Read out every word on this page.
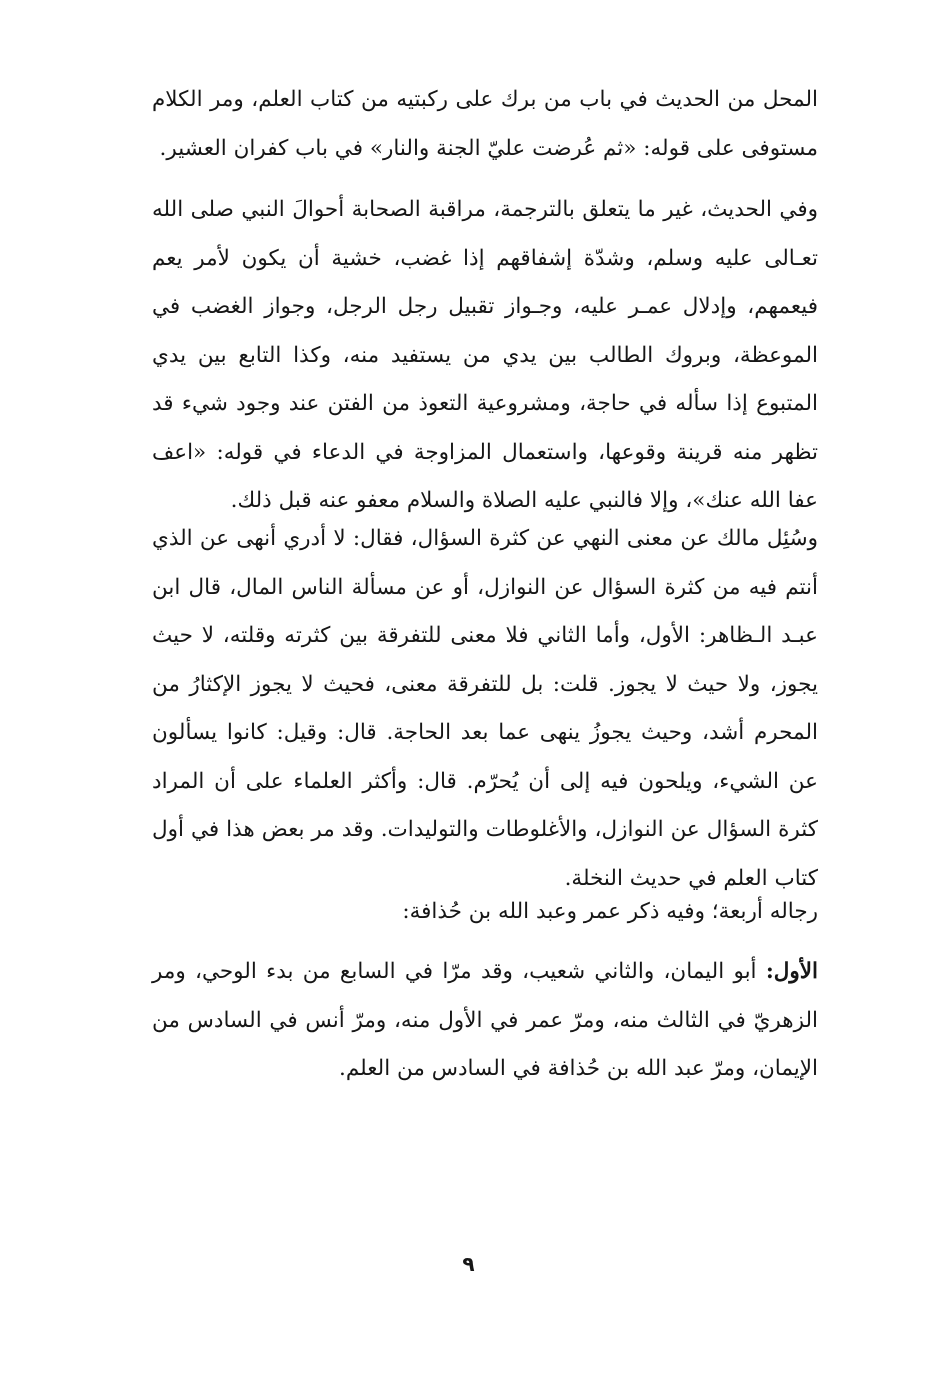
المحل من الحديث في باب من برك على ركبتيه من كتاب العلم، ومر الكلام مستوفى على قوله: «ثم عُرضت عليّ الجنة والنار» في باب كفران العشير.

وفي الحديث، غير ما يتعلق بالترجمة، مراقبة الصحابة أحوالَ النبي صلى الله تعـالى عليه وسلم، وشدّة إشفاقهم إذا غضب، خشية أن يكون لأمر يعم فيعمهم، وإدلال عمـر عليه، وجـواز تقبيل رجل الرجل، وجواز الغضب في الموعظة، وبروك الطالب بين يدي من يستفيد منه، وكذا التابع بين يدي المتبوع إذا سأله في حاجة، ومشروعية التعوذ من الفتن عند وجود شيء قد تظهر منه قرينة وقوعها، واستعمال المزاوجة في الدعاء في قوله: «اعف عفا الله عنك»، وإلا فالنبي عليه الصلاة والسلام معفو عنه قبل ذلك.

وسُئِل مالك عن معنى النهي عن كثرة السؤال، فقال: لا أدري أنهى عن الذي أنتم فيه من كثرة السؤال عن النوازل، أو عن مسألة الناس المال، قال ابن عبـد الـظاهر: الأول، وأما الثاني فلا معنى للتفرقة بين كثرته وقلته، لا حيث يجوز، ولا حيث لا يجوز. قلت: بل للتفرقة معنى، فحيث لا يجوز الإكثارُ من المحرم أشد، وحيث يجوزُ ينهى عما بعد الحاجة. قال: وقيل: كانوا يسألون عن الشيء، ويلحون فيه إلى أن يُحرّم. قال: وأكثر العلماء على أن المراد كثرة السؤال عن النوازل، والأغلوطات والتوليدات. وقد مر بعض هذا في أول كتاب العلم في حديث النخلة.

رجاله أربعة؛ وفيه ذكر عمر وعبد الله بن حُذافة:

الأول: أبو اليمان، والثاني شعيب، وقد مرّا في السابع من بدء الوحي، ومر الزهريّ في الثالث منه، ومرّ عمر في الأول منه، ومرّ أنس في السادس من الإيمان، ومرّ عبد الله بن حُذافة في السادس من العلم.

٩
